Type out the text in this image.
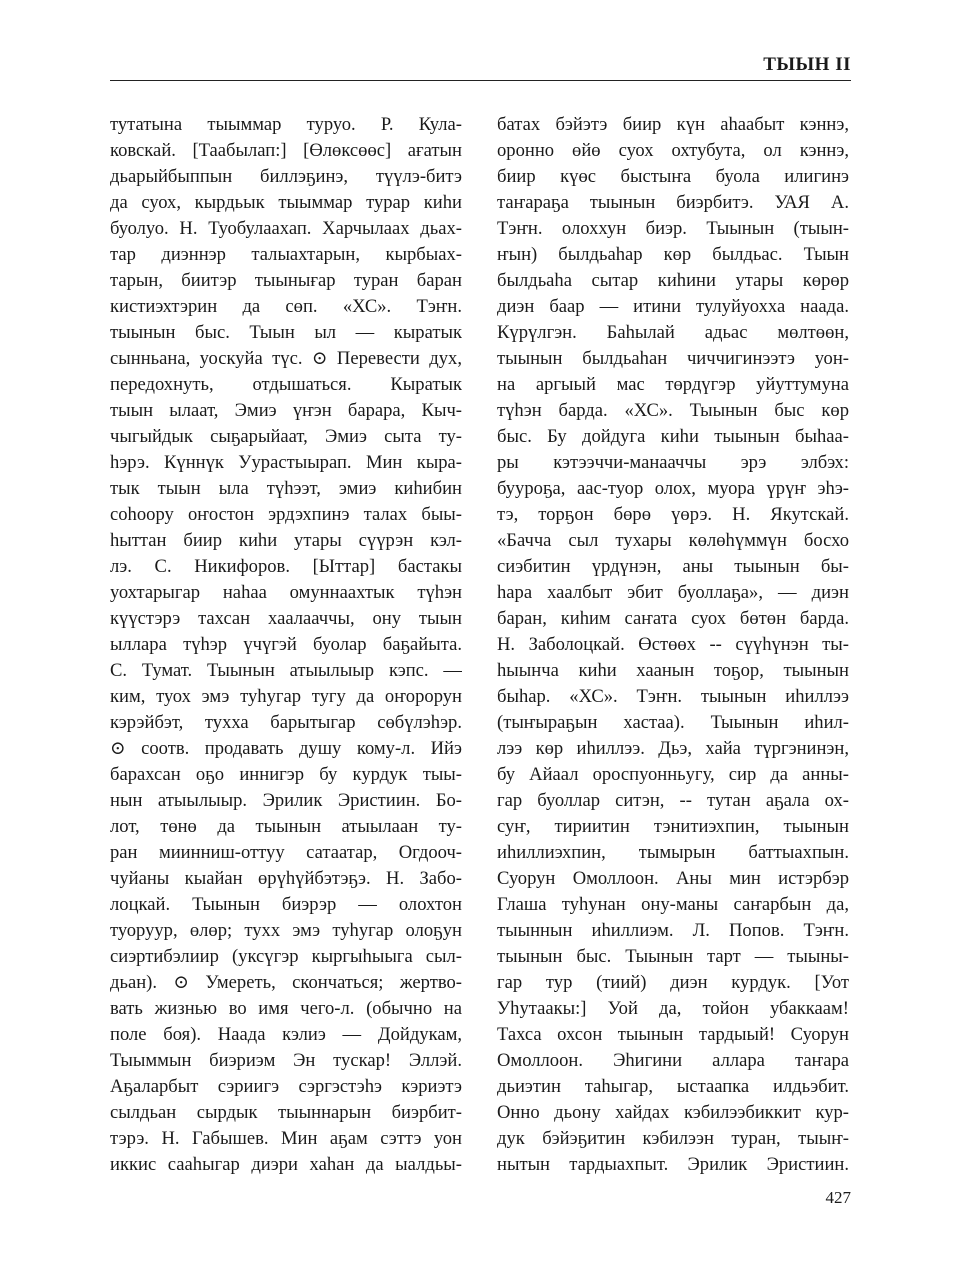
ТЫЫН II
тутатына тыыммар туруо. Р. Кула-
ковскай. [Таабылап:] [Өлөксөөс] ағатын
дьарыйбыппын биллэҕинэ, түүлэ-битэ
да суох, кырдьык тыыммар турар киһи
буолуо. Н. Туобулаахап. Харчылаах дьах-
тар диэннэр талыахтарын, кырбыах-
тарын, биитэр тыынығар туран баран
кистиэхтэрин да сөп. «ХС». Тэҥн.
тыынын быс. Тыын ыл — кыратык
сынньана, уоскуйа түс. ⊙ Перевести дух,
передохнуть, отдышаться. Кыратык
тыын ылаат, Эмиэ үҥэн барара, Кыч-
чыгыйдык сыҕарыйаат, Эмиэ сыта ту-
һэрэ. Күннүк Уурастыырап. Мин кыра-
тык тыын ыла түһээт, эмиэ киһибин
соһоору оҥостон эрдэхпинэ талах быы-
һыттан биир киһи утары сүүрэн кэл-
лэ. С. Никифоров. [Ыттар] бастакы
уохтарыгар наһаа омуннаахтык түһэн
күүстэрэ тахсан хаалааччы, ону тыын
ыллара түһэр үчүгэй буолар баҕайыта.
С. Тумат. Тыынын атыылыыр кэпс. —
ким, туох эмэ туһугар тугу да оҥорорун
кэрэйбэт, тухха барытыгар сөбүлэһэр.
⊙ соотв. продавать душу кому-л. Ийэ
барахсан оҕо иннигэр бу курдук тыы-
нын атыылыыр. Эрилик Эристиин. Бо-
лот, төнө да тыынын атыылаан ту-
ран миинниш-оттуу сатаатар, Огдооч-
чуйаны кыайан өрүһүйбэтэҕэ. Н. Забо-
лоцкай. Тыынын биэрэр — олохтон
туоруур, өлөр; тухх эмэ туһугар олоҕун
сиэртибэлиир (уксүгэр кыргыһыыга сыл-
дьан). ⊙ Умереть, скончаться; жертво-
вать жизнью во имя чего-л. (обычно на
поле боя). Наада кэлиэ — Дойдукам,
Тыыммын биэриэм Эн тускар! Эллэй.
Аҕаларбыт сэриигэ сэргэстэһэ кэриэтэ
сылдьан сырдык тыыннарын биэрбит-
тэрэ. Н. Габышев. Мин аҕам сэттэ уон
иккис сааһыгар диэри хаһан да ыалдьы-
батах бэйэтэ биир күн аһаабыт кэннэ,
оронно өйө суох охтубута, ол кэннэ,
биир күөс быстыҥа буола илигинэ
таҥараҕа тыынын биэрбитэ. УАЯ А.
Тэҥн. олоххун биэр. Тыынын (тыын-
ҥын) былдьаһар көр былдьас. Тыын
былдьаһа сытар киһини утары көрөр
диэн баар — итини тулуйуохха наада.
Күрүлгэн. Баһылай адьас мөлтөөн,
тыынын былдьаһан чиччигинээтэ уон-
на аргыый мас төрдүгэр уйуттумуна
түһэн барда. «ХС». Тыынын быс көр
быс. Бу дойдуга киһи тыынын быһаа-
ры кэтээччи-манааччы эрэ элбэх:
бууроҕа, аас-туор олох, муора үрүҥ эһэ-
тэ, торҕон бөрө үөрэ. Н. Якутскай.
«Бачча сыл тухары көлөһүммүн босхо
сиэбитин үрдүнэн, аны тыынын бы-
һара хаалбыт эбит буоллаҕа», — диэн
баран, киһим саҥата суох бөтөн барда.
Н. Заболоцкай. Өстөөх -- сүүһүнэн ты-
һыынча киһи хаанын тоҕор, тыынын
быһар. «ХС». Тэҥн. тыынын иһиллээ
(тыҥыраҕын хастаа). Тыынын иһил-
лээ көр иһиллээ. Дьэ, хайа түргэнинэн,
бу Айаал ороспуонньугу, сир да анны-
гар буоллар ситэн, -- тутан аҕала ох-
суҥ, тириитин тэнитиэхпин, тыынын
иһиллиэхпин, тымырын баттыахпын.
Суорун Омоллоон. Аны мин истэрбэр
Глаша туһунан ону-маны саҥарбын да,
тыыннын иһиллиэм. Л. Попов. Тэҥн.
тыынын быс. Тыынын тарт — тыыны-
гар тур (тиий) диэн курдук. [Уот
Уһутаакы:] Уой да, тойон убаккаам!
Тахса охсон тыынын тардыый! Суорун
Омоллоон. Эһигини аллара таҥара
дьиэтин таһыгар, ыстаапка илдьэбит.
Онно дьону хайдах кэбилээбиккит кур-
дук бэйэҕитин кэбилээн туран, тыыҥ-
нытын тардыахпыт. Эрилик Эристиин.
427
